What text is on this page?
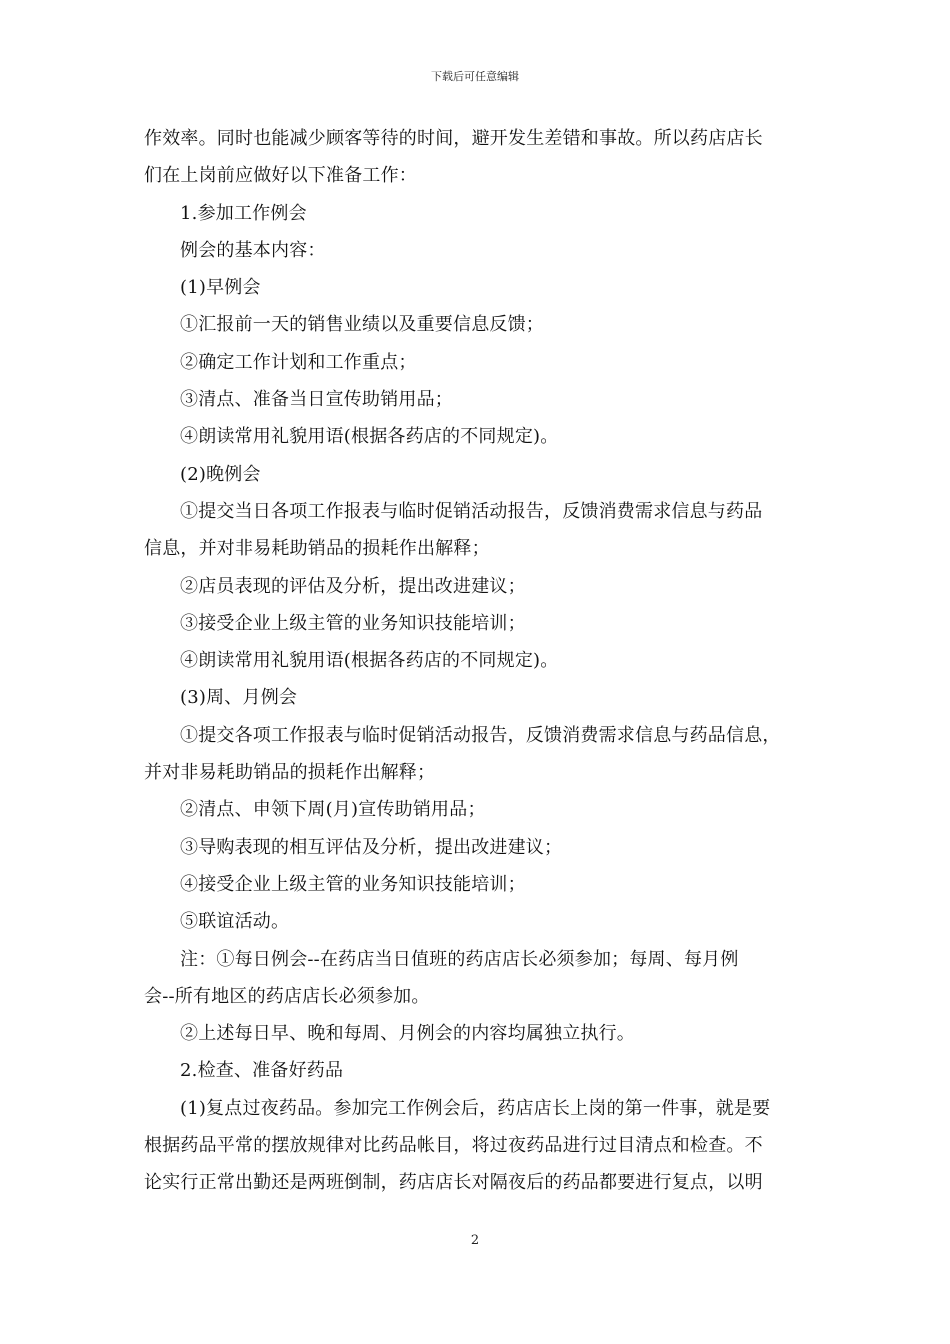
下载后可任意编辑
作效率。同时也能减少顾客等待的时间，避开发生差错和事故。所以药店店长
们在上岗前应做好以下准备工作：
1.参加工作例会
例会的基本内容：
(1)早例会
①汇报前一天的销售业绩以及重要信息反馈；
②确定工作计划和工作重点；
③清点、准备当日宣传助销用品；
④朗读常用礼貌用语(根据各药店的不同规定)。
(2)晚例会
①提交当日各项工作报表与临时促销活动报告，反馈消费需求信息与药品
信息，并对非易耗助销品的损耗作出解释；
②店员表现的评估及分析，提出改进建议；
③接受企业上级主管的业务知识技能培训；
④朗读常用礼貌用语(根据各药店的不同规定)。
(3)周、月例会
①提交各项工作报表与临时促销活动报告，反馈消费需求信息与药品信息，
并对非易耗助销品的损耗作出解释；
②清点、申领下周(月)宣传助销用品；
③导购表现的相互评估及分析，提出改进建议；
④接受企业上级主管的业务知识技能培训；
⑤联谊活动。
注：①每日例会--在药店当日值班的药店店长必须参加；每周、每月例
会--所有地区的药店店长必须参加。
②上述每日早、晚和每周、月例会的内容均属独立执行。
2.检查、准备好药品
(1)复点过夜药品。参加完工作例会后，药店店长上岗的第一件事，就是要
根据药品平常的摆放规律对比药品帐目，将过夜药品进行过目清点和检查。不
论实行正常出勤还是两班倒制，药店店长对隔夜后的药品都要进行复点，以明
2
